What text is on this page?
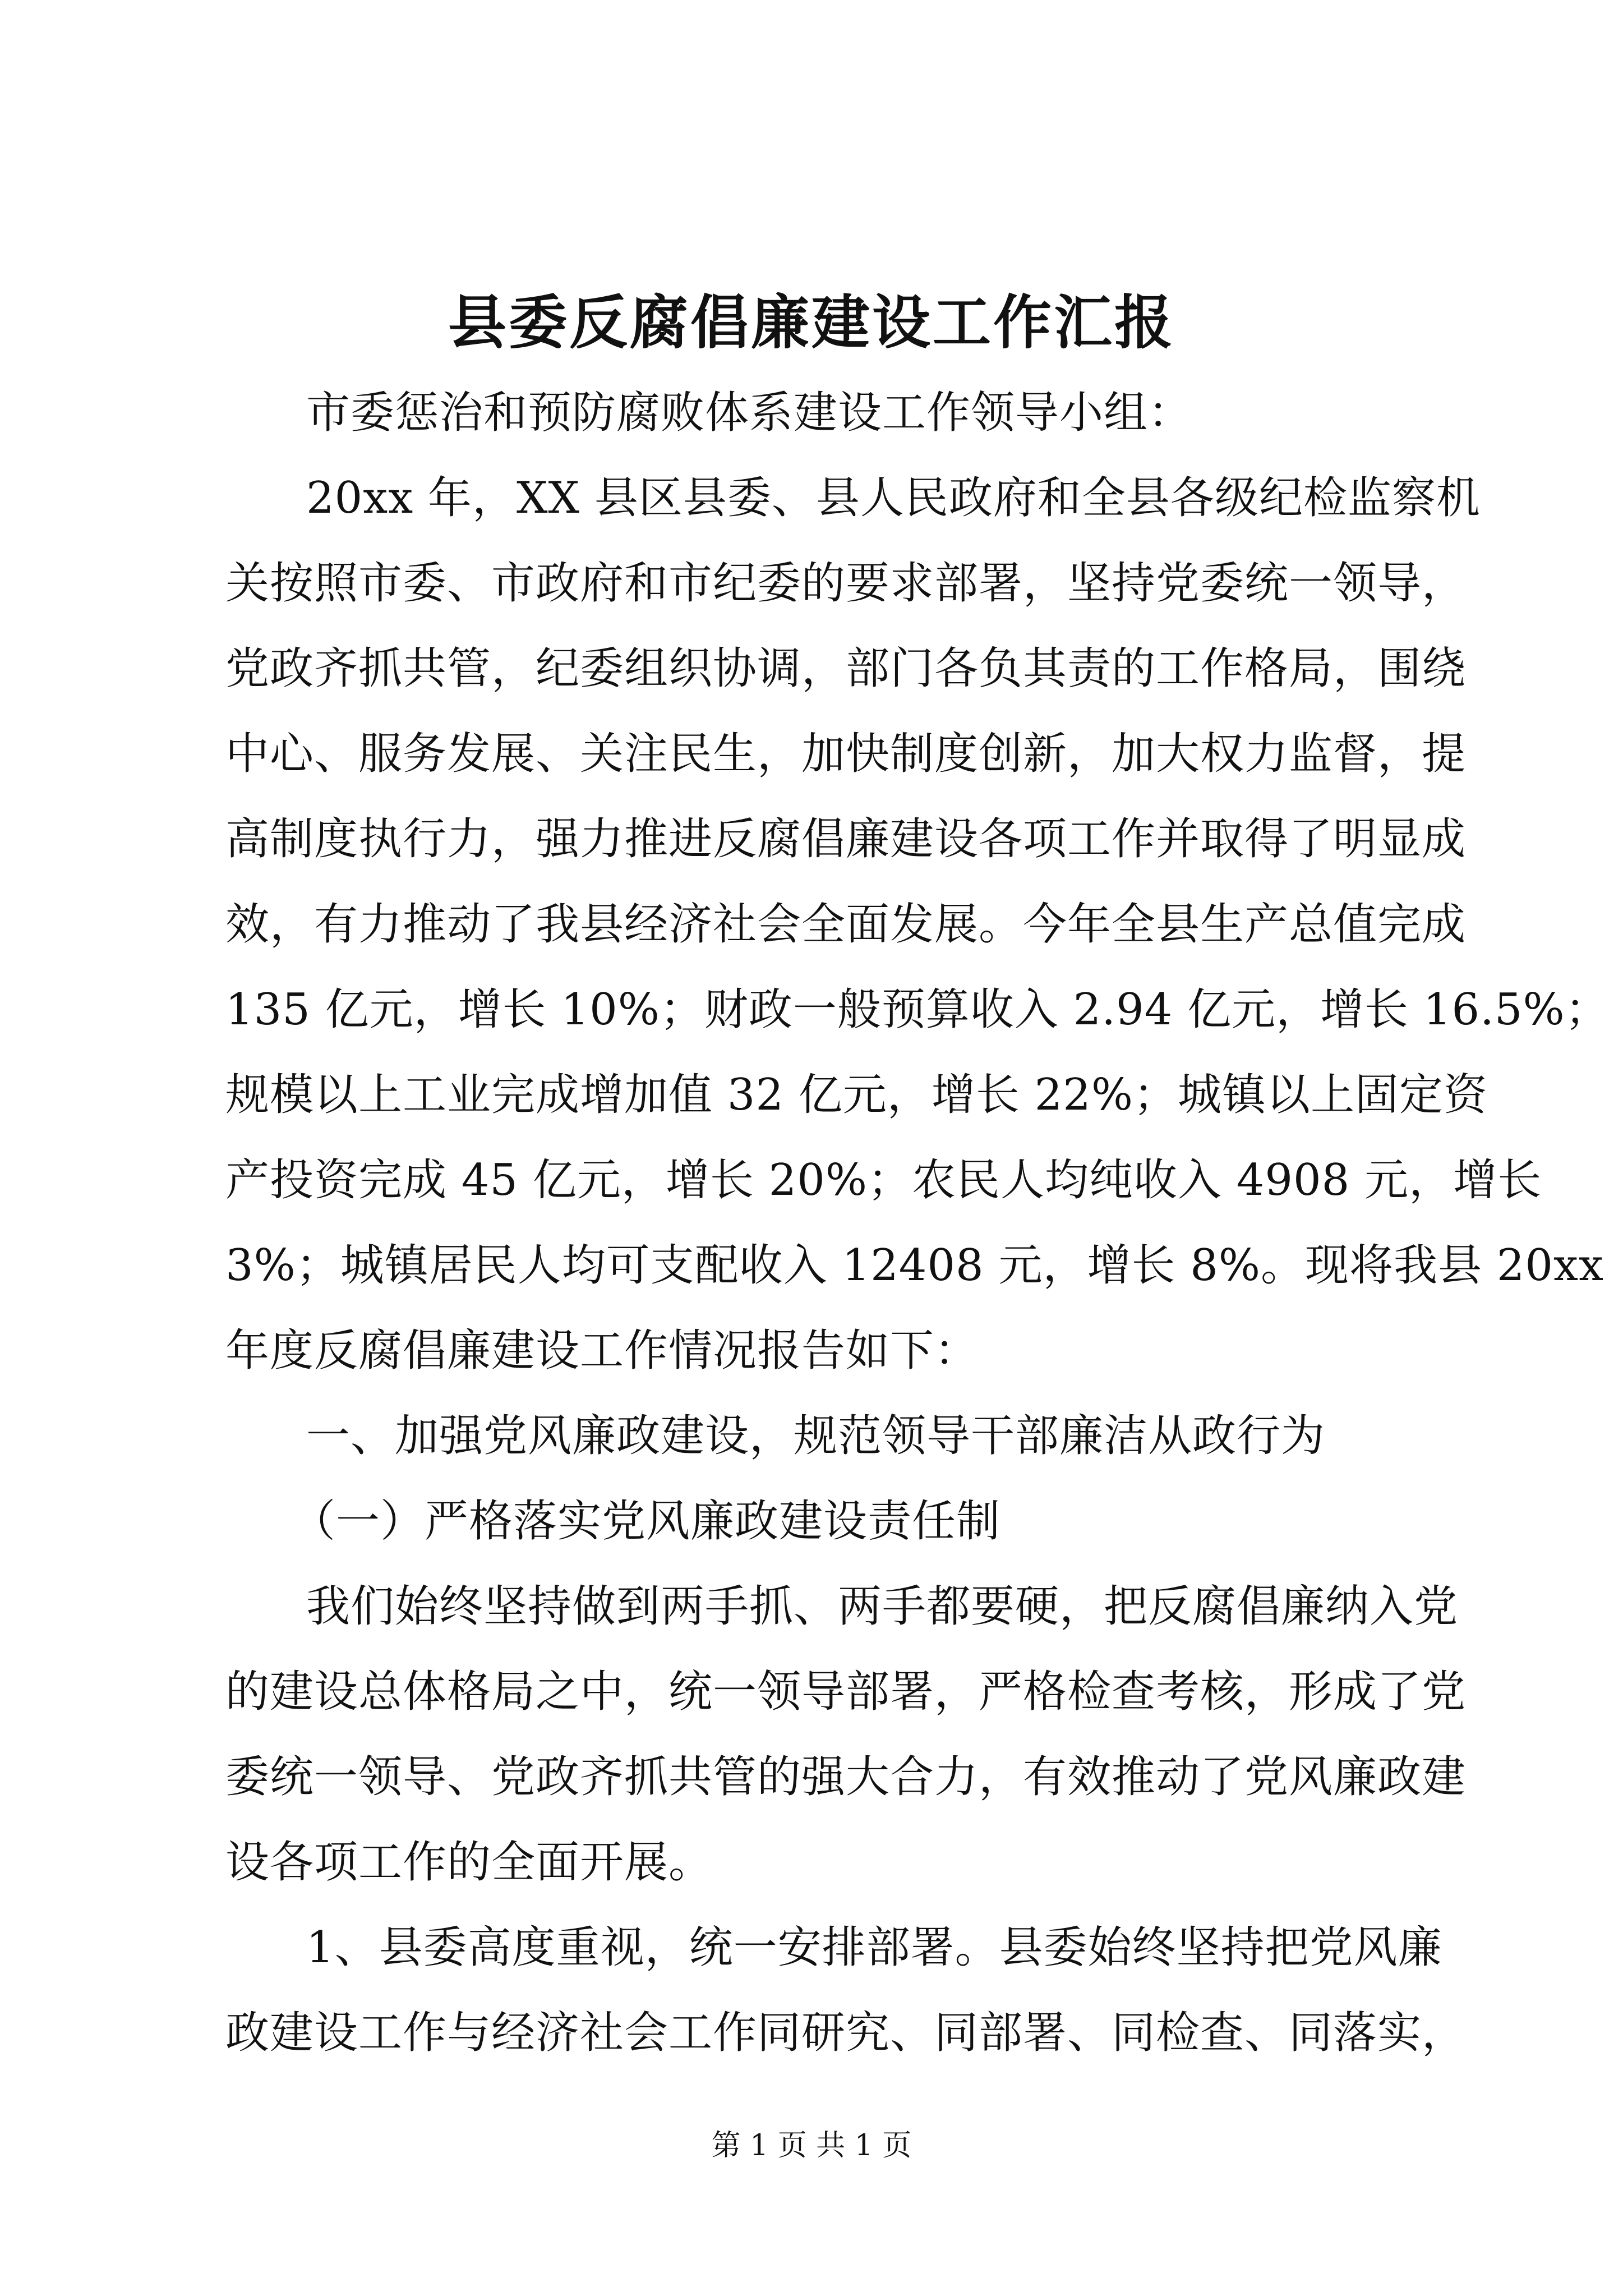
县委反腐倡廉建设工作汇报
市委惩治和预防腐败体系建设工作领导小组：
20xx 年，XX 县区县委、县人民政府和全县各级纪检监察机
关按照市委、市政府和市纪委的要求部署，坚持党委统一领导，
党政齐抓共管，纪委组织协调，部门各负其责的工作格局，围绕
中心、服务发展、关注民生，加快制度创新，加大权力监督，提
高制度执行力，强力推进反腐倡廉建设各项工作并取得了明显成
效，有力推动了我县经济社会全面发展。今年全县生产总值完成
135 亿元，增长 10%；财政一般预算收入 2.94 亿元，增长 16.5%；
规模以上工业完成增加值 32 亿元，增长 22%；城镇以上固定资
产投资完成 45 亿元，增长 20%；农民人均纯收入 4908 元，增长
3%；城镇居民人均可支配收入 12408 元，增长 8%。现将我县 20xx
年度反腐倡廉建设工作情况报告如下：
一、加强党风廉政建设，规范领导干部廉洁从政行为
（一）严格落实党风廉政建设责任制
我们始终坚持做到两手抓、两手都要硬，把反腐倡廉纳入党
的建设总体格局之中，统一领导部署，严格检查考核，形成了党
委统一领导、党政齐抓共管的强大合力，有效推动了党风廉政建
设各项工作的全面开展。
1、县委高度重视，统一安排部署。县委始终坚持把党风廉
政建设工作与经济社会工作同研究、同部署、同检查、同落实，
第 1 页 共 1 页
